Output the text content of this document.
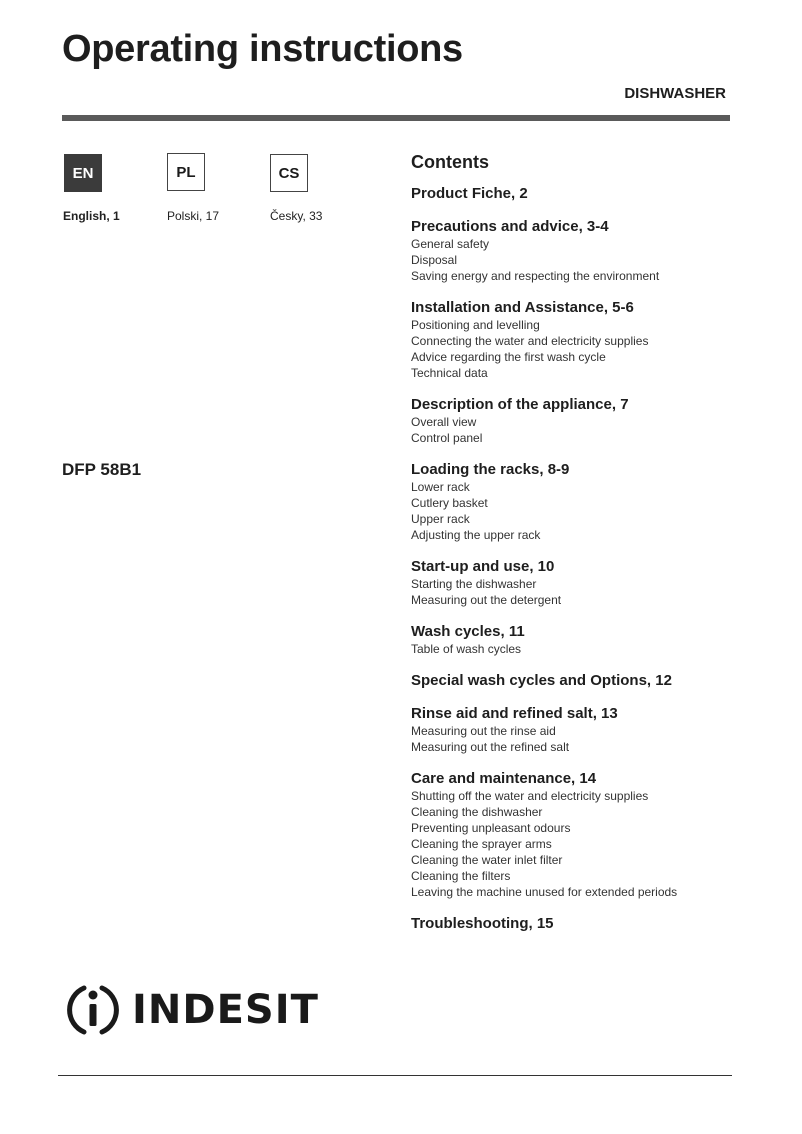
Operating instructions
DISHWASHER
EN	PL	CS
English, 1	Polski, 17	Česky, 33
DFP 58B1
Contents
Product Fiche, 2
Precautions and advice, 3-4
General safety
Disposal
Saving energy and respecting the environment
Installation and Assistance, 5-6
Positioning and levelling
Connecting the water and electricity supplies
Advice regarding the first wash cycle
Technical data
Description of the appliance, 7
Overall view
Control panel
Loading the racks, 8-9
Lower rack
Cutlery basket
Upper rack
Adjusting the upper rack
Start-up and use, 10
Starting the dishwasher
Measuring out the detergent
Wash cycles, 11
Table of wash cycles
Special wash cycles and Options, 12
Rinse aid and refined salt, 13
Measuring out the rinse aid
Measuring out the refined salt
Care and maintenance, 14
Shutting off the water and electricity supplies
Cleaning the dishwasher
Preventing unpleasant odours
Cleaning the sprayer arms
Cleaning the water inlet filter
Cleaning the filters
Leaving the machine unused for extended periods
Troubleshooting, 15
INDESIT
